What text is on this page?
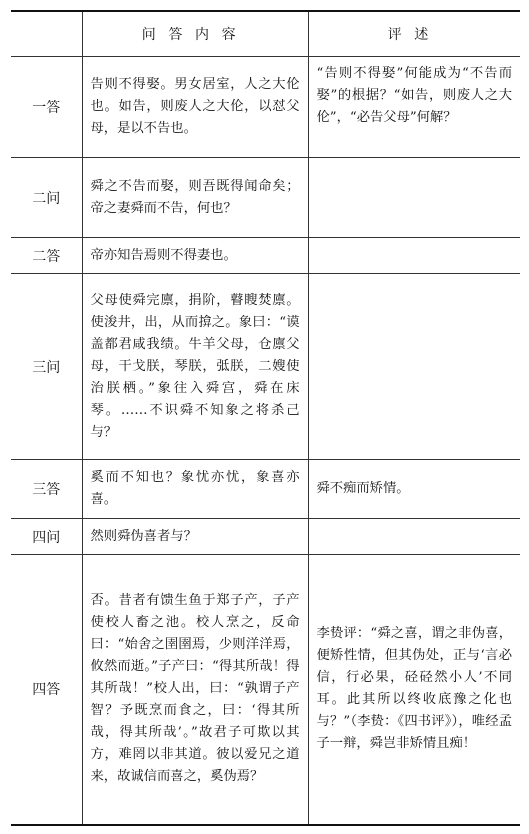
	问答内容	评述
一答	告则不得娶。男女居室，人之大伦也。如告，则废人之大伦，以怼父母，是以不告也。	“告则不得娶”何能成为“不告而娶”的根据？“如告，则废人之大伦”，“必告父母”何解？
二问	舜之不告而娶，则吾既得闻命矣；帝之妻舜而不告，何也？	
二答	帝亦知告焉则不得妻也。	
三问	父母使舜完廪，捐阶，瞽瞍焚廪。使浚井，出，从而揜之。象曰：“谟盖都君咸我绩。牛羊父母，仓廪父母，干戈朕，琴朕，弤朕，二嫂使治朕栖。”象往入舜宫，舜在床琴。……不识舜不知象之将杀己与？	
三答	奚而不知也？象忧亦忧，象喜亦喜。	舜不痴而矫情。
四问	然则舜伪喜者与？	
四答	否。昔者有馈生鱼于郑子产，子产使校人畜之池。校人烹之，反命曰：“始舍之圉圉焉，少则洋洋焉，攸然而逝。”子产曰：“得其所哉！得其所哉！”校人出，曰：“孰谓子产智？予既烹而食之，曰：‘得其所哉，得其所哉’。”故君子可欺以其方，难罔以非其道。彼以爱兄之道来，故诚信而喜之，奚伪焉？	李贽评：“舜之喜，谓之非伪喜，便矫性情，但其伪处，正与‘言必信，行必果，硁硁然小人’不同耳。此其所以终收底豫之化也与？”（李贽：《四书评》），唯经孟子一辩，舜岂非矫情且痴！
